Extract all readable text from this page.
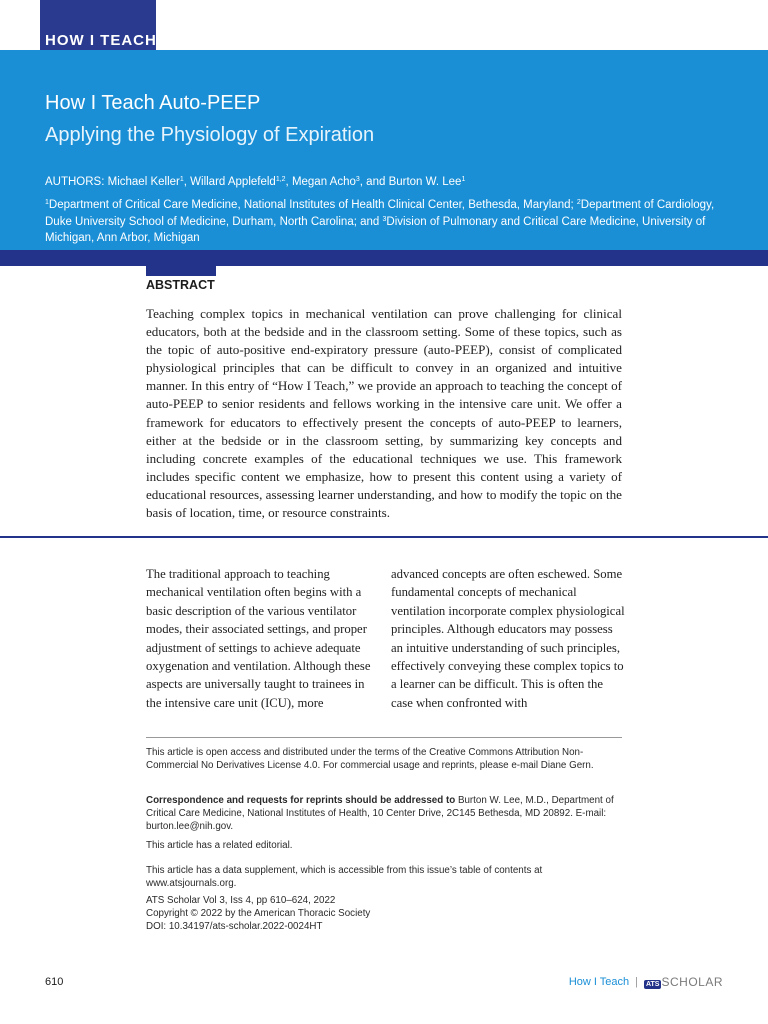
HOW I TEACH
How I Teach Auto-PEEP
Applying the Physiology of Expiration
AUTHORS: Michael Keller$^1$, Willard Applefeld$^{1,2}$, Megan Acho$^3$, and Burton W. Lee$^1$
$^1$Department of Critical Care Medicine, National Institutes of Health Clinical Center, Bethesda, Maryland; $^2$Department of Cardiology, Duke University School of Medicine, Durham, North Carolina; and $^3$Division of Pulmonary and Critical Care Medicine, University of Michigan, Ann Arbor, Michigan
ABSTRACT
Teaching complex topics in mechanical ventilation can prove challenging for clinical educators, both at the bedside and in the classroom setting. Some of these topics, such as the topic of auto-positive end-expiratory pressure (auto-PEEP), consist of complicated physiological principles that can be difficult to convey in an organized and intuitive manner. In this entry of “How I Teach,” we provide an approach to teaching the concept of auto-PEEP to senior residents and fellows working in the intensive care unit. We offer a framework for educators to effectively present the concepts of auto-PEEP to learners, either at the bedside or in the classroom setting, by summarizing key concepts and including concrete examples of the educational techniques we use. This framework includes specific content we emphasize, how to present this content using a variety of educational resources, assessing learner understanding, and how to modify the topic on the basis of location, time, or resource constraints.
The traditional approach to teaching mechanical ventilation often begins with a basic description of the various ventilator modes, their associated settings, and proper adjustment of settings to achieve adequate oxygenation and ventilation. Although these aspects are universally taught to trainees in the intensive care unit (ICU), more
advanced concepts are often eschewed. Some fundamental concepts of mechanical ventilation incorporate complex physiological principles. Although educators may possess an intuitive understanding of such principles, effectively conveying these complex topics to a learner can be difficult. This is often the case when confronted with
This article is open access and distributed under the terms of the Creative Commons Attribution Non-Commercial No Derivatives License 4.0. For commercial usage and reprints, please e-mail Diane Gern.
Correspondence and requests for reprints should be addressed to Burton W. Lee, M.D., Department of Critical Care Medicine, National Institutes of Health, 10 Center Drive, 2C145 Bethesda, MD 20892. E-mail: burton.lee@nih.gov.
This article has a related editorial.
This article has a data supplement, which is accessible from this issue’s table of contents at www.atsjournals.org.
ATS Scholar Vol 3, Iss 4, pp 610–624, 2022
Copyright © 2022 by the American Thoracic Society
DOI: 10.34197/ats-scholar.2022-0024HT
610	How I Teach | ATS SCHOLAR
